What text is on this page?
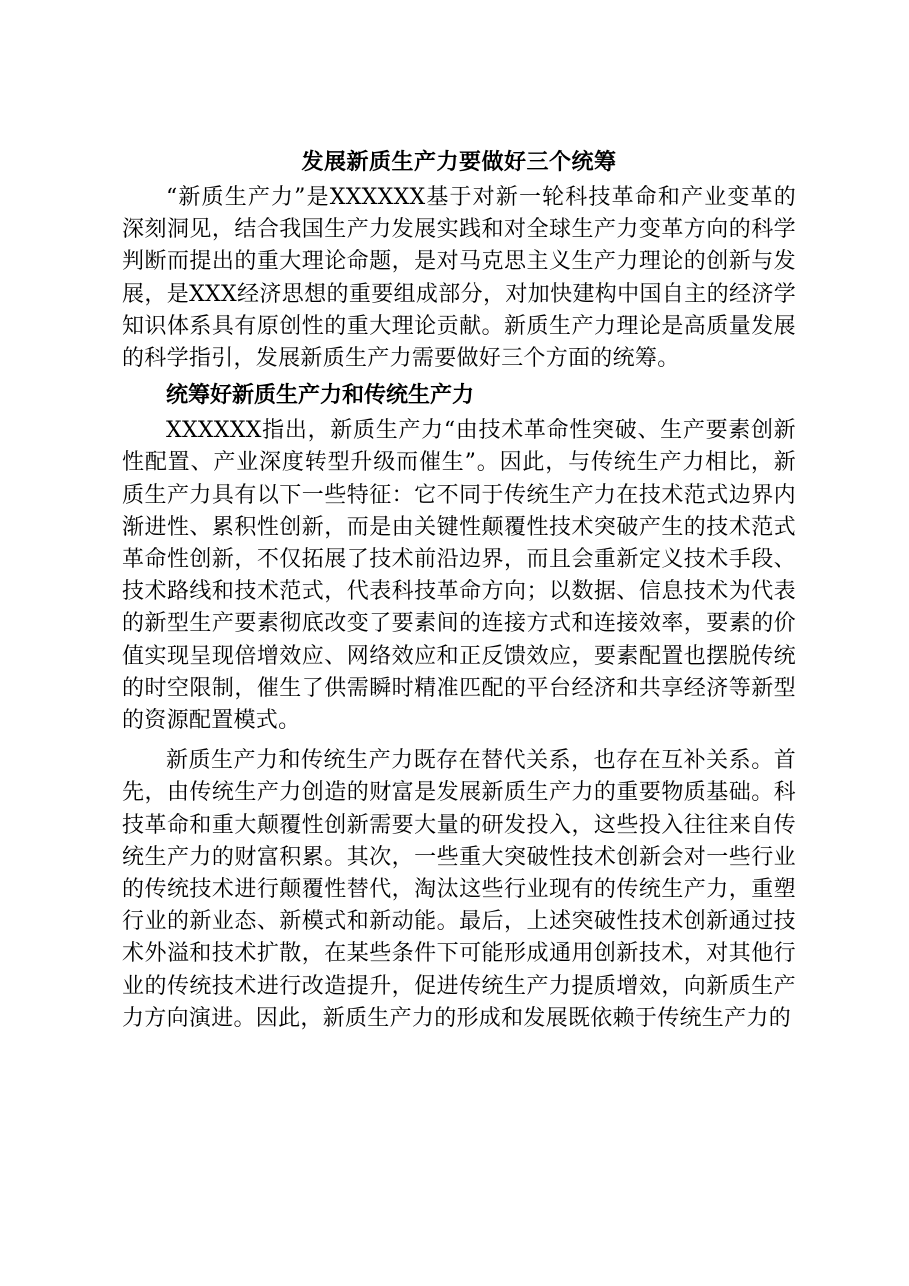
发展新质生产力要做好三个统筹

“新质生产力”是XXXXXX基于对新一轮科技革命和产业变革的深刻洞见，结合我国生产力发展实践和对全球生产力变革方向的科学判断而提出的重大理论命题，是对马克思主义生产力理论的创新与发展，是XXX经济思想的重要组成部分，对加快建构中国自主的经济学知识体系具有原创性的重大理论贡献。新质生产力理论是高质量发展的科学指引，发展新质生产力需要做好三个方面的统筹。

统筹好新质生产力和传统生产力

XXXXXX指出，新质生产力“由技术革命性突破、生产要素创新性配置、产业深度转型升级而催生”。因此，与传统生产力相比，新质生产力具有以下一些特征：它不同于传统生产力在技术范式边界内渐进性、累积性创新，而是由关键性颠覆性技术突破产生的技术范式革命性创新，不仅拓展了技术前沿边界，而且会重新定义技术手段、技术路线和技术范式，代表科技革命方向；以数据、信息技术为代表的新型生产要素彻底改变了要素间的连接方式和连接效率，要素的价值实现呈现倍增效应、网络效应和正反馈效应，要素配置也摆脱传统的时空限制，催生了供需瞬时精准匹配的平台经济和共享经济等新型的资源配置模式。

新质生产力和传统生产力既存在替代关系，也存在互补关系。首先，由传统生产力创造的财富是发展新质生产力的重要物质基础。科技革命和重大颠覆性创新需要大量的研发投入，这些投入往往来自传统生产力的财富积累。其次，一些重大突破性技术创新会对一些行业的传统技术进行颠覆性替代，淘汰这些行业现有的传统生产力，重塑行业的新业态、新模式和新动能。最后，上述突破性技术创新通过技术外溢和技术扩散，在某些条件下可能形成通用创新技术，对其他行业的传统技术进行改造提升，促进传统生产力提质增效，向新质生产力方向演进。因此，新质生产力的形成和发展既依赖于传统生产力的
